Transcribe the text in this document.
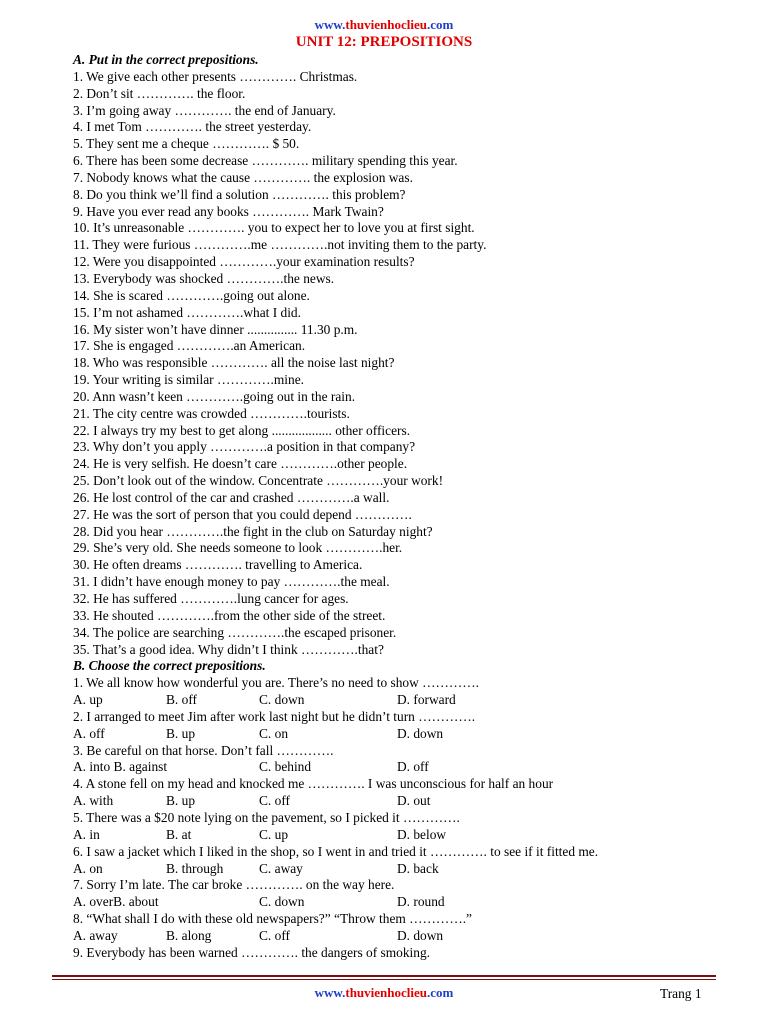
www.thuvienhoclieu.com
UNIT 12: PREPOSITIONS
A. Put in the correct prepositions.
1. We give each other presents …………. Christmas.
2. Don’t sit …………. the floor.
3. I’m going away …………. the end of January.
4. I met Tom …………. the street yesterday.
5. They sent me a cheque …………. $ 50.
6. There has been some decrease …………. military spending this year.
7. Nobody knows what the cause …………. the explosion was.
8. Do you think we’ll find a solution …………. this problem?
9. Have you ever read any books …………. Mark Twain?
10. It’s unreasonable …………. you to expect her to love you at first sight.
11. They were furious ………….me ………….not inviting them to the party.
12. Were you disappointed ………….your examination results?
13. Everybody was shocked ………….the news.
14. She is scared ………….going out alone.
15. I’m not ashamed ………….what I did.
16. My sister won’t have dinner ............... 11.30 p.m.
17. She is engaged ………….an American.
18. Who was responsible …………. all the noise last night?
19. Your writing is similar ………….mine.
20. Ann wasn’t keen ………….going out in the rain.
21. The city centre was crowded ………….tourists.
22. I always try my best to get along .................. other officers.
23. Why don’t you apply ………….a position in that company?
24. He is very selfish. He doesn’t care ………….other people.
25. Don’t look out of the window. Concentrate ………….your work!
26. He lost control of the car and crashed ………….a wall.
27. He was the sort of person that you could depend ………….
28. Did you hear ………….the fight in the club on Saturday night?
29. She’s very old. She needs someone to look ………….her.
30. He often dreams …………. travelling to America.
31. I didn’t have enough money to pay ………….the meal.
32. He has suffered ………….lung cancer for ages.
33. He shouted ………….from the other side of the street.
34. The police are searching ………….the escaped prisoner.
35. That’s a good idea. Why didn’t I think ………….that?
B. Choose the correct prepositions.
1. We all know how wonderful you are. There’s no need to show ………….
A. up	B. off	C. down	D. forward
2. I arranged to meet Jim after work last night but he didn’t turn ………….
A. off	B. up	C. on	D. down
3. Be careful on that horse. Don’t fall ………….
A. into B. against	C. behind	D. off
4. A stone fell on my head and knocked me …………. I was unconscious for half an hour
A. with	B. up	C. off	D. out
5. There was a $20 note lying on the pavement, so I picked it ………….
A. in	B. at	C. up	D. below
6. I saw a jacket which I liked in the shop, so I went in and tried it …………. to see if it fitted me.
A. on	B. through	C. away	D. back
7. Sorry I’m late. The car broke …………. on the way here.
A. overB. about	C. down	D. round
8. “What shall I do with these old newspapers?” “Throw them ………….”
A. away	B. along	C. off	D. down
9. Everybody has been warned …………. the dangers of smoking.
www.thuvienhoclieu.com	Trang 1
